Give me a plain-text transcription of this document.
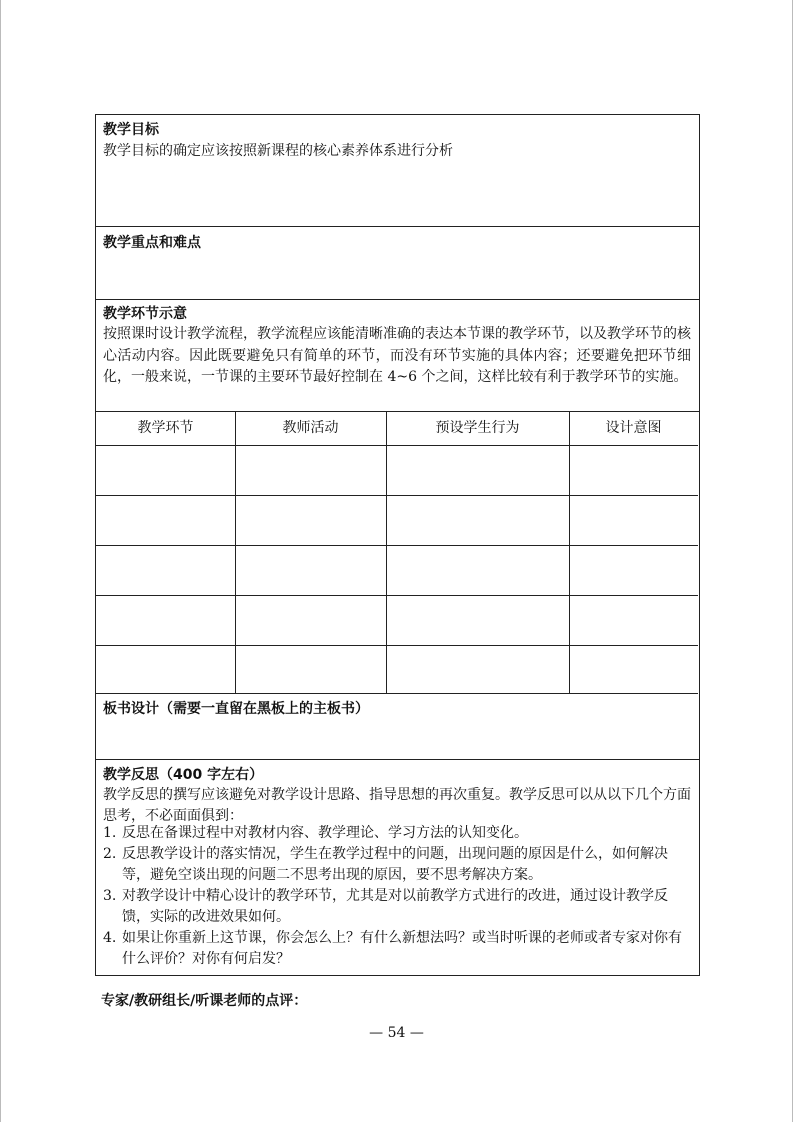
教学目标
教学目标的确定应该按照新课程的核心素养体系进行分析
教学重点和难点
教学环节示意
按照课时设计教学流程，教学流程应该能清晰准确的表达本节课的教学环节，以及教学环节的核心活动内容。因此既要避免只有简单的环节，而没有环节实施的具体内容；还要避免把环节细化，一般来说，一节课的主要环节最好控制在 4~6 个之间，这样比较有利于教学环节的实施。
教学环节	教师活动	预设学生行为	设计意图
板书设计（需要一直留在黑板上的主板书）
教学反思（400 字左右）
教学反思的撰写应该避免对教学设计思路、指导思想的再次重复。教学反思可以从以下几个方面思考，不必面面俱到：
1. 反思在备课过程中对教材内容、教学理论、学习方法的认知变化。
2. 反思教学设计的落实情况，学生在教学过程中的问题，出现问题的原因是什么，如何解决等，避免空谈出现的问题二不思考出现的原因，要不思考解决方案。
3. 对教学设计中精心设计的教学环节，尤其是对以前教学方式进行的改进，通过设计教学反馈，实际的改进效果如何。
4. 如果让你重新上这节课，你会怎么上？有什么新想法吗？或当时听课的老师或者专家对你有什么评价？对你有何启发？
专家/教研组长/听课老师的点评：
— 54 —
